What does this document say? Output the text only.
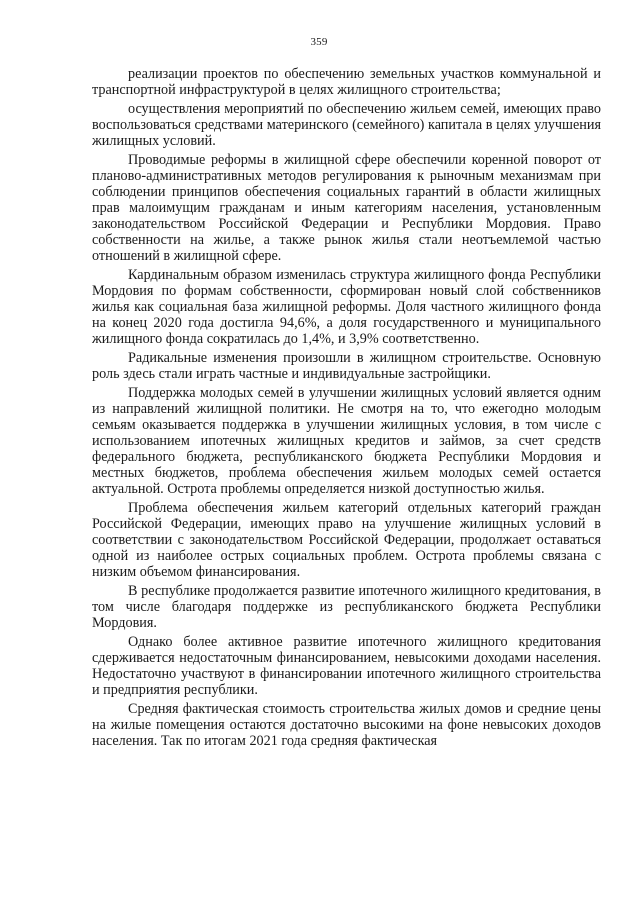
359

реализации проектов по обеспечению земельных участков коммунальной и транспортной инфраструктурой в целях жилищного строительства;

осуществления мероприятий по обеспечению жильем семей, имеющих право воспользоваться средствами материнского (семейного) капитала в целях улучшения жилищных условий.

Проводимые реформы в жилищной сфере обеспечили коренной поворот от планово-административных методов регулирования к рыночным механизмам при соблюдении принципов обеспечения социальных гарантий в области жилищных прав малоимущим гражданам и иным категориям населения, установленным законодательством Российской Федерации и Республики Мордовия. Право собственности на жилье, а также рынок жилья стали неотъемлемой частью отношений в жилищной сфере.

Кардинальным образом изменилась структура жилищного фонда Республики Мордовия по формам собственности, сформирован новый слой собственников жилья как социальная база жилищной реформы. Доля частного жилищного фонда на конец 2020 года достигла 94,6%, а доля государственного и муниципального жилищного фонда сократилась до 1,4%, и 3,9% соответственно.

Радикальные изменения произошли в жилищном строительстве. Основную роль здесь стали играть частные и индивидуальные застройщики.

Поддержка молодых семей в улучшении жилищных условий является одним из направлений жилищной политики. Не смотря на то, что ежегодно молодым семьям оказывается поддержка в улучшении жилищных условия, в том числе с использованием ипотечных жилищных кредитов и займов, за счет средств федерального бюджета, республиканского бюджета Республики Мордовия и местных бюджетов, проблема обеспечения жильем молодых семей остается актуальной. Острота проблемы определяется низкой доступностью жилья.

Проблема обеспечения жильем категорий отдельных категорий граждан Российской Федерации, имеющих право на улучшение жилищных условий в соответствии с законодательством Российской Федерации, продолжает оставаться одной из наиболее острых социальных проблем. Острота проблемы связана с низким объемом финансирования.

В республике продолжается развитие ипотечного жилищного кредитования, в том числе благодаря поддержке из республиканского бюджета Республики Мордовия.

Однако более активное развитие ипотечного жилищного кредитования сдерживается недостаточным финансированием, невысокими доходами населения. Недостаточно участвуют в финансировании ипотечного жилищного строительства и предприятия республики.

Средняя фактическая стоимость строительства жилых домов и средние цены на жилые помещения остаются достаточно высокими на фоне невысоких доходов населения. Так по итогам 2021 года средняя фактическая
